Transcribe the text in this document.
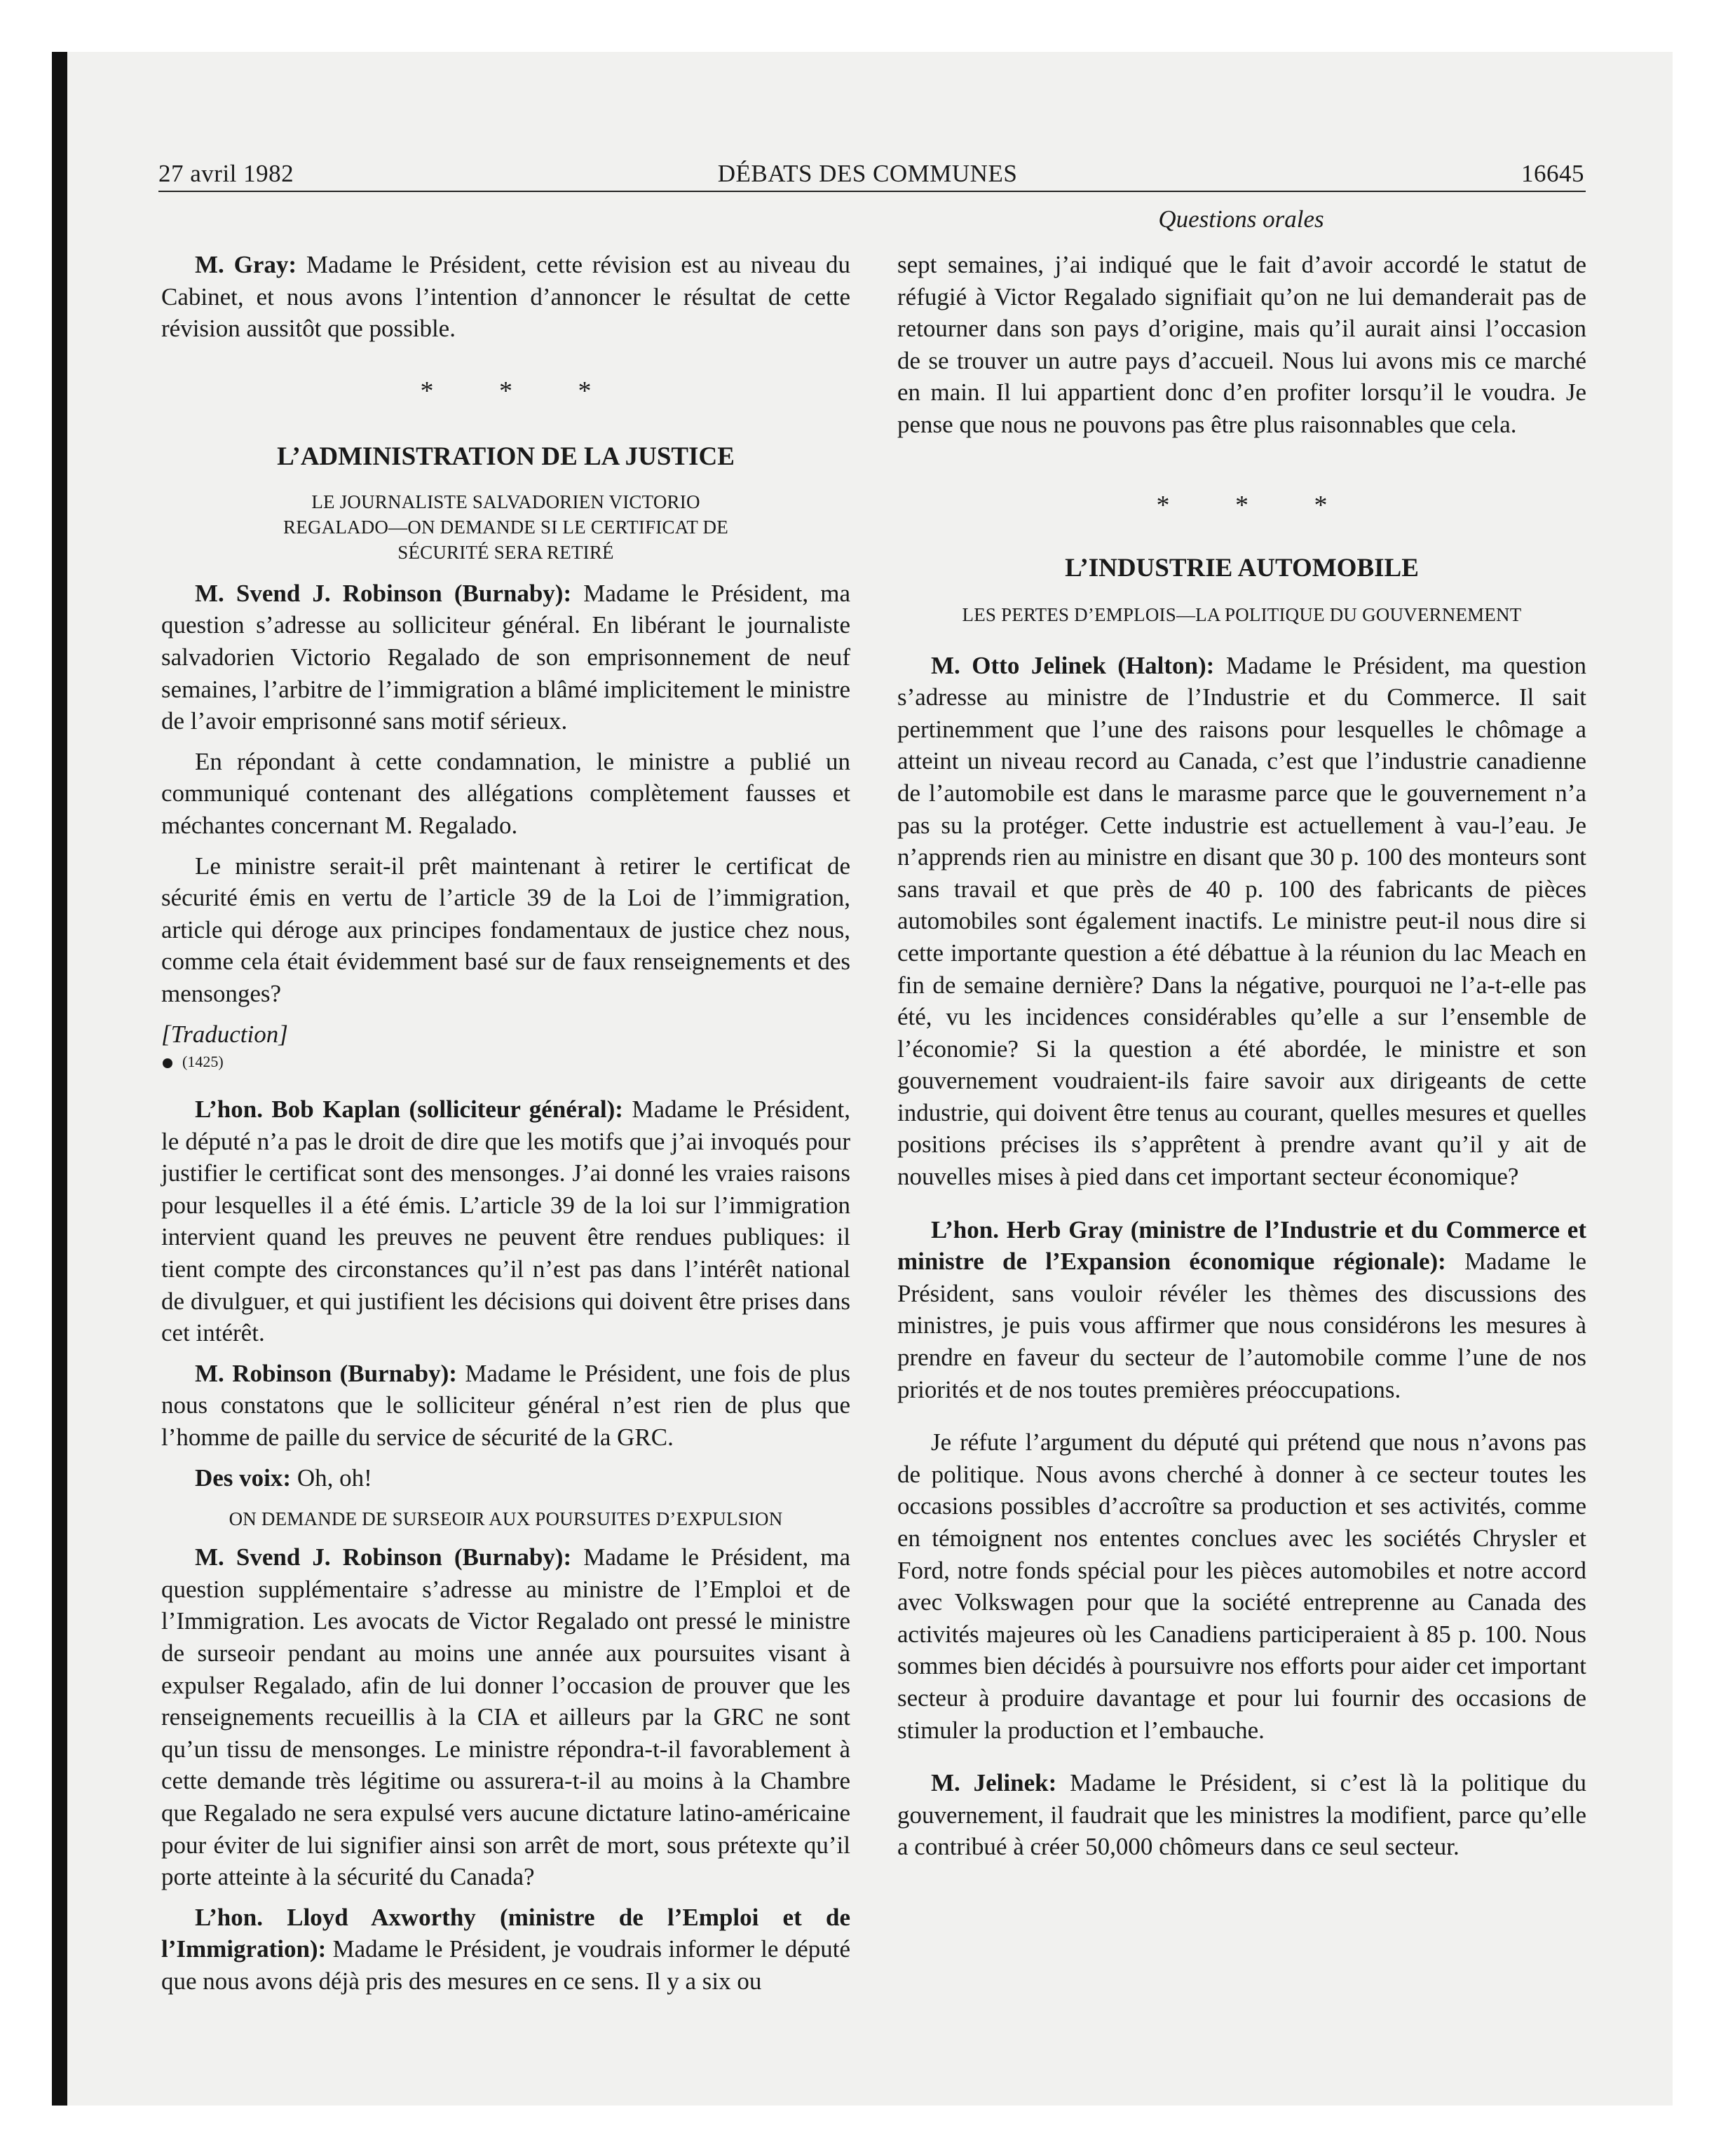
27 avril 1982	DÉBATS DES COMMUNES	16645
Questions orales

M. Gray: Madame le Président, cette révision est au niveau du Cabinet, et nous avons l’intention d’annoncer le résultat de cette révision aussitôt que possible.

* * *

L’ADMINISTRATION DE LA JUSTICE

LE JOURNALISTE SALVADORIEN VICTORIO REGALADO—ON DEMANDE SI LE CERTIFICAT DE SÉCURITÉ SERA RETIRÉ

M. Svend J. Robinson (Burnaby): Madame le Président, ma question s’adresse au solliciteur général. En libérant le journaliste salvadorien Victorio Regalado de son emprisonnement de neuf semaines, l’arbitre de l’immigration a blâmé implicitement le ministre de l’avoir emprisonné sans motif sérieux.

En répondant à cette condamnation, le ministre a publié un communiqué contenant des allégations complètement fausses et méchantes concernant M. Regalado.

Le ministre serait-il prêt maintenant à retirer le certificat de sécurité émis en vertu de l’article 39 de la Loi de l’immigration, article qui déroge aux principes fondamentaux de justice chez nous, comme cela était évidemment basé sur de faux renseignements et des mensonges?

[Traduction]

(1425)

L’hon. Bob Kaplan (solliciteur général): Madame le Président, le député n’a pas le droit de dire que les motifs que j’ai invoqués pour justifier le certificat sont des mensonges. J’ai donné les vraies raisons pour lesquelles il a été émis. L’article 39 de la loi sur l’immigration intervient quand les preuves ne peuvent être rendues publiques: il tient compte des circonstances qu’il n’est pas dans l’intérêt national de divulguer, et qui justifient les décisions qui doivent être prises dans cet intérêt.

M. Robinson (Burnaby): Madame le Président, une fois de plus nous constatons que le solliciteur général n’est rien de plus que l’homme de paille du service de sécurité de la GRC.

Des voix: Oh, oh!

ON DEMANDE DE SURSEOIR AUX POURSUITES D’EXPULSION

M. Svend J. Robinson (Burnaby): Madame le Président, ma question supplémentaire s’adresse au ministre de l’Emploi et de l’Immigration. Les avocats de Victor Regalado ont pressé le ministre de surseoir pendant au moins une année aux poursuites visant à expulser Regalado, afin de lui donner l’occasion de prouver que les renseignements recueillis à la CIA et ailleurs par la GRC ne sont qu’un tissu de mensonges. Le ministre répondra-t-il favorablement à cette demande très légitime ou assurera-t-il au moins à la Chambre que Regalado ne sera expulsé vers aucune dictature latino-américaine pour éviter de lui signifier ainsi son arrêt de mort, sous prétexte qu’il porte atteinte à la sécurité du Canada?

L’hon. Lloyd Axworthy (ministre de l’Emploi et de l’Immigration): Madame le Président, je voudrais informer le député que nous avons déjà pris des mesures en ce sens. Il y a six ou

sept semaines, j’ai indiqué que le fait d’avoir accordé le statut de réfugié à Victor Regalado signifiait qu’on ne lui demanderait pas de retourner dans son pays d’origine, mais qu’il aurait ainsi l’occasion de se trouver un autre pays d’accueil. Nous lui avons mis ce marché en main. Il lui appartient donc d’en profiter lorsqu’il le voudra. Je pense que nous ne pouvons pas être plus raisonnables que cela.

* * *

L’INDUSTRIE AUTOMOBILE

LES PERTES D’EMPLOIS—LA POLITIQUE DU GOUVERNEMENT

M. Otto Jelinek (Halton): Madame le Président, ma question s’adresse au ministre de l’Industrie et du Commerce. Il sait pertinemment que l’une des raisons pour lesquelles le chômage a atteint un niveau record au Canada, c’est que l’industrie canadienne de l’automobile est dans le marasme parce que le gouvernement n’a pas su la protéger. Cette industrie est actuellement à vau-l’eau. Je n’apprends rien au ministre en disant que 30 p. 100 des monteurs sont sans travail et que près de 40 p. 100 des fabricants de pièces automobiles sont également inactifs. Le ministre peut-il nous dire si cette importante question a été débattue à la réunion du lac Meach en fin de semaine dernière? Dans la négative, pourquoi ne l’a-t-elle pas été, vu les incidences considérables qu’elle a sur l’ensemble de l’économie? Si la question a été abordée, le ministre et son gouvernement voudraient-ils faire savoir aux dirigeants de cette industrie, qui doivent être tenus au courant, quelles mesures et quelles positions précises ils s’apprêtent à prendre avant qu’il y ait de nouvelles mises à pied dans cet important secteur économique?

L’hon. Herb Gray (ministre de l’Industrie et du Commerce et ministre de l’Expansion économique régionale): Madame le Président, sans vouloir révéler les thèmes des discussions des ministres, je puis vous affirmer que nous considérons les mesures à prendre en faveur du secteur de l’automobile comme l’une de nos priorités et de nos toutes premières préoccupations.

Je réfute l’argument du député qui prétend que nous n’avons pas de politique. Nous avons cherché à donner à ce secteur toutes les occasions possibles d’accroître sa production et ses activités, comme en témoignent nos ententes conclues avec les sociétés Chrysler et Ford, notre fonds spécial pour les pièces automobiles et notre accord avec Volkswagen pour que la société entreprenne au Canada des activités majeures où les Canadiens participeraient à 85 p. 100. Nous sommes bien décidés à poursuivre nos efforts pour aider cet important secteur à produire davantage et pour lui fournir des occasions de stimuler la production et l’embauche.

M. Jelinek: Madame le Président, si c’est là la politique du gouvernement, il faudrait que les ministres la modifient, parce qu’elle a contribué à créer 50,000 chômeurs dans ce seul secteur.
